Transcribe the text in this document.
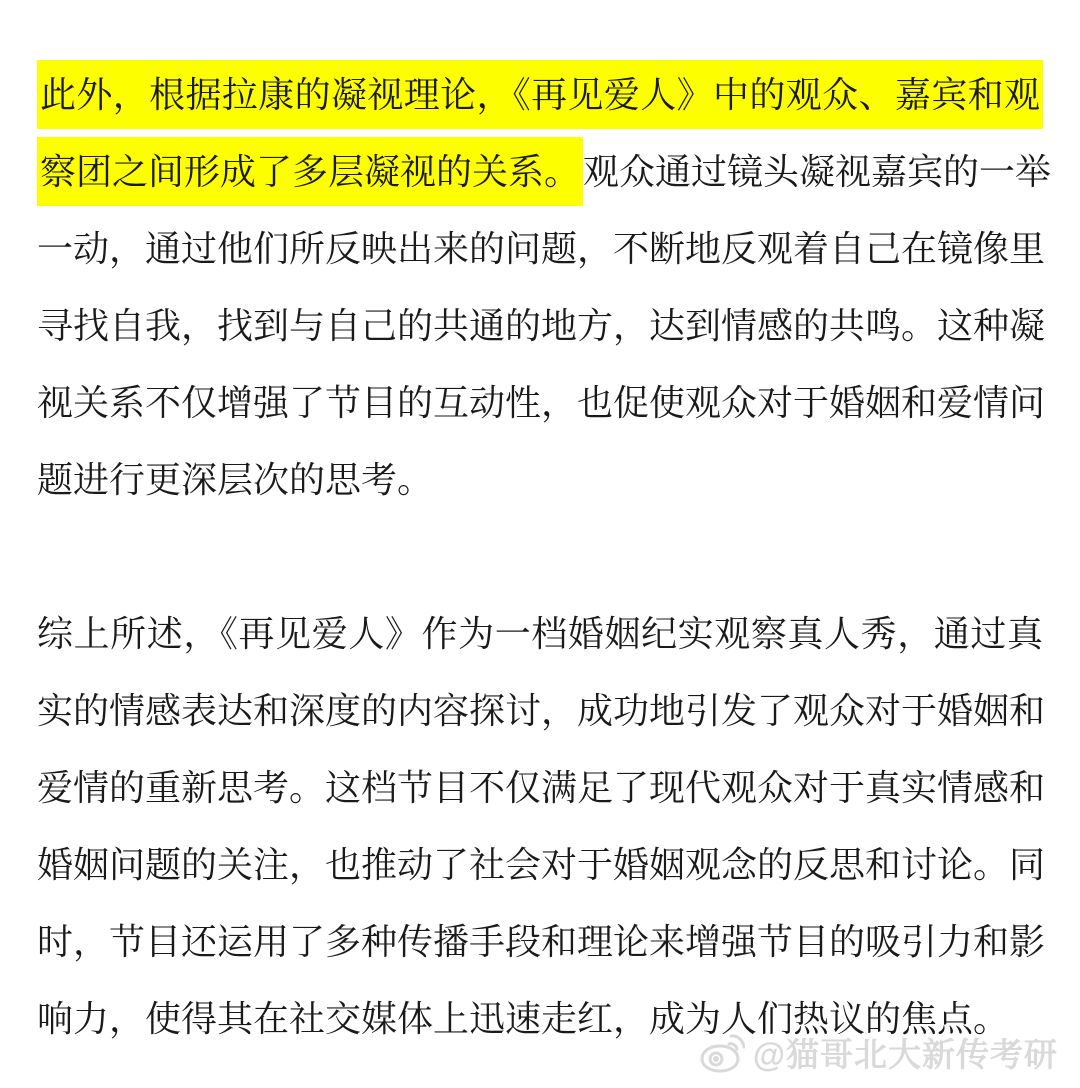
此外，根据拉康的凝视理论，《再见爱人》中的观众、嘉宾和观
察团之间形成了多层凝视的关系。观众通过镜头凝视嘉宾的一举
一动，通过他们所反映出来的问题，不断地反观着自己在镜像里
寻找自我，找到与自己的共通的地方，达到情感的共鸣。这种凝
视关系不仅增强了节目的互动性，也促使观众对于婚姻和爱情问
题进行更深层次的思考。
综上所述，《再见爱人》作为一档婚姻纪实观察真人秀，通过真
实的情感表达和深度的内容探讨，成功地引发了观众对于婚姻和
爱情的重新思考。这档节目不仅满足了现代观众对于真实情感和
婚姻问题的关注，也推动了社会对于婚姻观念的反思和讨论。同
时，节目还运用了多种传播手段和理论来增强节目的吸引力和影
响力，使得其在社交媒体上迅速走红，成为人们热议的焦点。
@猫哥北大新传考研
